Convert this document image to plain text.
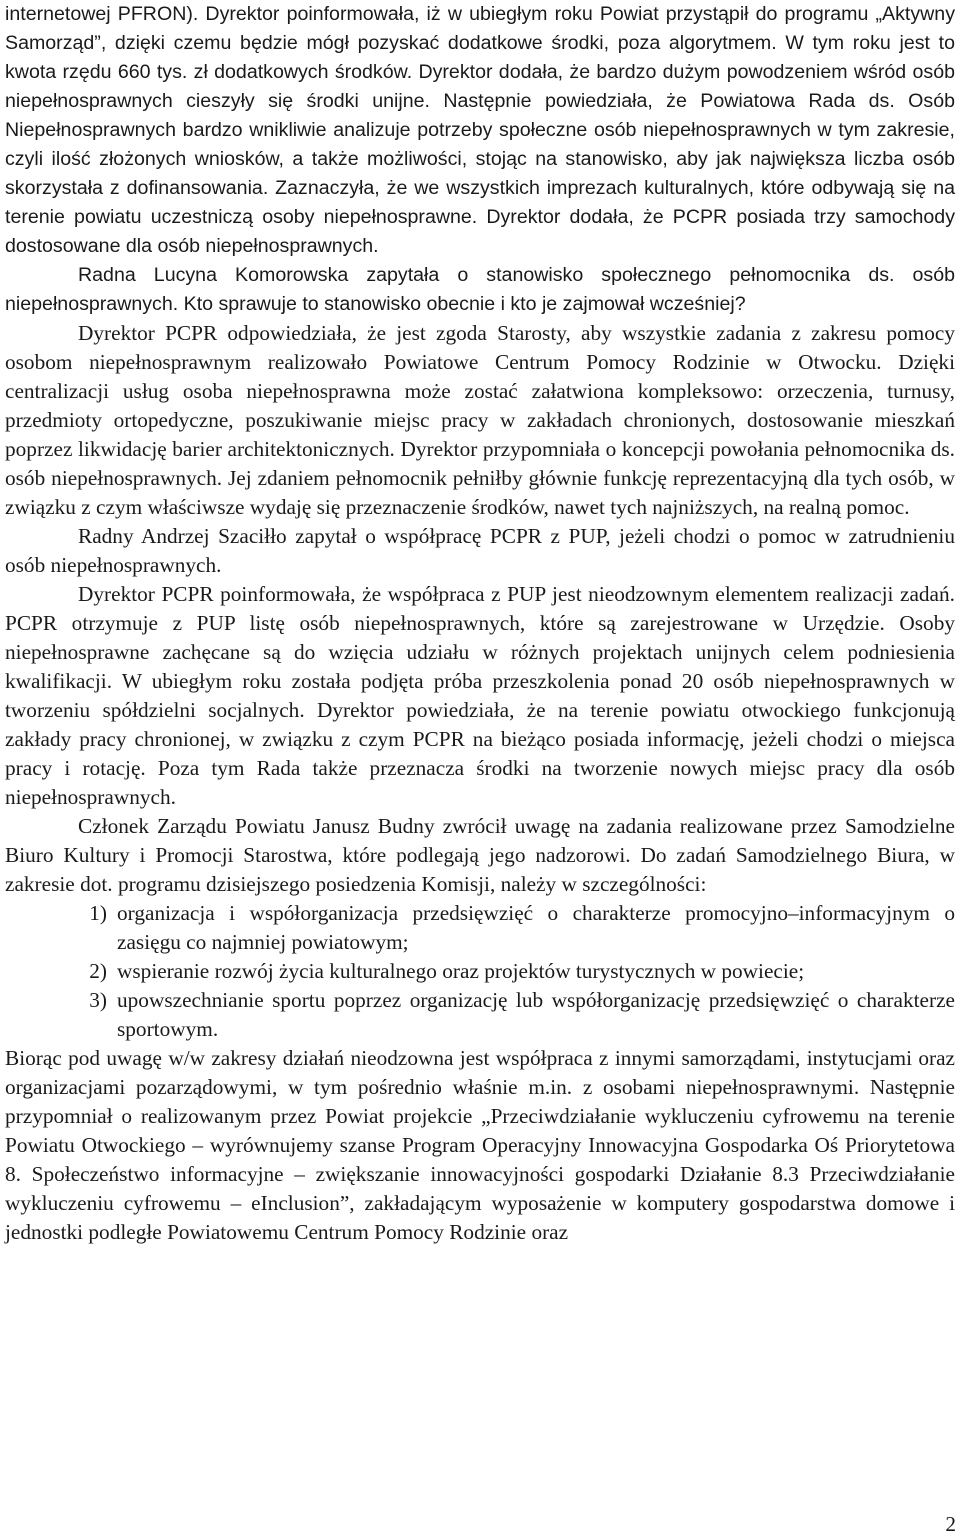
internetowej PFRON). Dyrektor poinformowała, iż w ubiegłym roku Powiat przystąpił do programu „Aktywny Samorząd”, dzięki czemu będzie mógł pozyskać dodatkowe środki, poza algorytmem. W tym roku jest to kwota rzędu 660 tys. zł dodatkowych środków. Dyrektor dodała, że bardzo dużym powodzeniem wśród osób niepełnosprawnych cieszyły się środki unijne. Następnie powiedziała, że Powiatowa Rada ds. Osób Niepełnosprawnych bardzo wnikliwie analizuje potrzeby społeczne osób niepełnosprawnych w tym zakresie, czyli ilość złożonych wniosków, a także możliwości, stojąc na stanowisko, aby jak największa liczba osób skorzystała z dofinansowania. Zaznaczyła, że we wszystkich imprezach kulturalnych, które odbywają się na terenie powiatu uczestniczą osoby niepełnosprawne. Dyrektor dodała, że PCPR posiada trzy samochody dostosowane dla osób niepełnosprawnych.

Radna Lucyna Komorowska zapytała o stanowisko społecznego pełnomocnika ds. osób niepełnosprawnych. Kto sprawuje to stanowisko obecnie i kto je zajmował wcześniej?

Dyrektor PCPR odpowiedziała, że jest zgoda Starosty, aby wszystkie zadania z zakresu pomocy osobom niepełnosprawnym realizowało Powiatowe Centrum Pomocy Rodzinie w Otwocku. Dzięki centralizacji usług osoba niepełnosprawna może zostać załatwiona kompleksowo: orzeczenia, turnusy, przedmioty ortopedyczne, poszukiwanie miejsc pracy w zakładach chronionych, dostosowanie mieszkań poprzez likwidację barier architektonicznych. Dyrektor przypomniała o koncepcji powołania pełnomocnika ds. osób niepełnosprawnych. Jej zdaniem pełnomocnik pełniłby głównie funkcję reprezentacyjną dla tych osób, w związku z czym właściwsze wydaję się przeznaczenie środków, nawet tych najniższych, na realną pomoc.

Radny Andrzej Szaciłło zapytał o współpracę PCPR z PUP, jeżeli chodzi o pomoc w zatrudnieniu osób niepełnosprawnych.

Dyrektor PCPR poinformowała, że współpraca z PUP jest nieodzownym elementem realizacji zadań. PCPR otrzymuje z PUP listę osób niepełnosprawnych, które są zarejestrowane w Urzędzie. Osoby niepełnosprawne zachęcane są do wzięcia udziału w różnych projektach unijnych celem podniesienia kwalifikacji. W ubiegłym roku została podjęta próba przeszkolenia ponad 20 osób niepełnosprawnych w tworzeniu spółdzielni socjalnych. Dyrektor powiedziała, że na terenie powiatu otwockiego funkcjonują zakłady pracy chronionej, w związku z czym PCPR na bieżąco posiada informację, jeżeli chodzi o miejsca pracy i rotację. Poza tym Rada także przeznacza środki na tworzenie nowych miejsc pracy dla osób niepełnosprawnych.

Członek Zarządu Powiatu Janusz Budny zwrócił uwagę na zadania realizowane przez Samodzielne Biuro Kultury i Promocji Starostwa, które podlegają jego nadzorowi. Do zadań Samodzielnego Biura, w zakresie dot. programu dzisiejszego posiedzenia Komisji, należy w szczególności:

1) organizacja i współorganizacja przedsięwzięć o charakterze promocyjno–informacyjnym o zasięgu co najmniej powiatowym;
2) wspieranie rozwój życia kulturalnego oraz projektów turystycznych w powiecie;
3) upowszechnianie sportu poprzez organizację lub współorganizację przedsięwzięć o charakterze sportowym.

Biorąc pod uwagę w/w zakresy działań nieodzowna jest współpraca z innymi samorządami, instytucjami oraz organizacjami pozarządowymi, w tym pośrednio właśnie m.in. z osobami niepełnosprawnymi. Następnie przypomniał o realizowanym przez Powiat projekcie „Przeciwdziałanie wykluczeniu cyfrowemu na terenie Powiatu Otwockiego – wyrównujemy szanse Program Operacyjny Innowacyjna Gospodarka Oś Priorytetowa 8. Społeczeństwo informacyjne – zwiększanie innowacyjności gospodarki Działanie 8.3 Przeciwdziałanie wykluczeniu cyfrowemu – eInclusion”, zakładającym wyposażenie w komputery gospodarstwa domowe i jednostki podległe Powiatowemu Centrum Pomocy Rodzinie oraz

2
